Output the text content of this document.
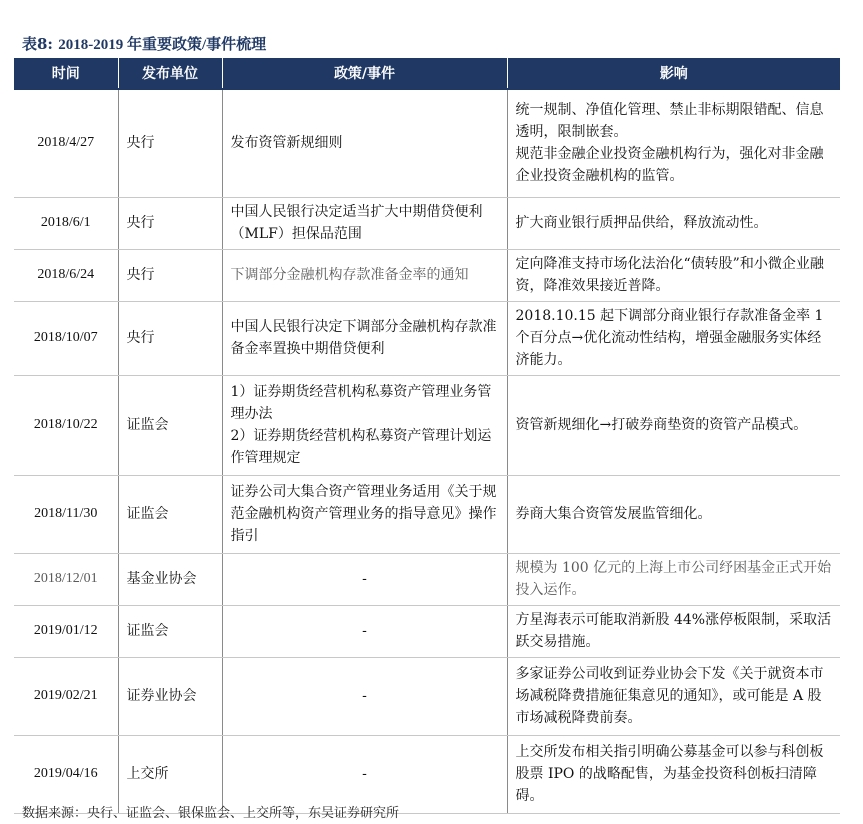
表8: 2018-2019 年重要政策/事件梳理
时间	发布单位	政策/事件	影响
2018/4/27	央行	发布资管新规细则	统一规制、净值化管理、禁止非标期限错配、信息透明，限制嵌套。
规范非金融企业投资金融机构行为，强化对非金融企业投资金融机构的监管。

2018/6/1	央行	中国人民银行决定适当扩大中期借贷便利（MLF）担保品范围	扩大商业银行质押品供给，释放流动性。

2018/6/24	央行	下调部分金融机构存款准备金率的通知	定向降准支持市场化法治化“债转股”和小微企业融资，降准效果接近普降。

2018/10/07	央行	中国人民银行决定下调部分金融机构存款准备金率置换中期借贷便利	2018.10.15 起下调部分商业银行存款准备金率 1 个百分点→优化流动性结构，增强金融服务实体经济能力。

2018/10/22	证监会	1）证券期货经营机构私募资产管理业务管理办法
2）证券期货经营机构私募资产管理计划运作管理规定	资管新规细化→打破券商垫资的资管产品模式。

2018/11/30	证监会	证券公司大集合资产管理业务适用《关于规范金融机构资产管理业务的指导意见》操作指引	券商大集合资管发展监管细化。

2018/12/01	基金业协会	-	规模为 100 亿元的上海上市公司纾困基金正式开始投入运作。

2019/01/12	证监会	-	方星海表示可能取消新股 44%涨停板限制，采取活跃交易措施。

2019/02/21	证券业协会	-	多家证券公司收到证券业协会下发《关于就资本市场减税降费措施征集意见的通知》，或可能是 A 股市场减税降费前奏。

2019/04/16	上交所	-	上交所发布相关指引明确公募基金可以参与科创板股票 IPO 的战略配售，为基金投资科创板扫清障碍。
数据来源：央行、证监会、银保监会、上交所等，东吴证券研究所
